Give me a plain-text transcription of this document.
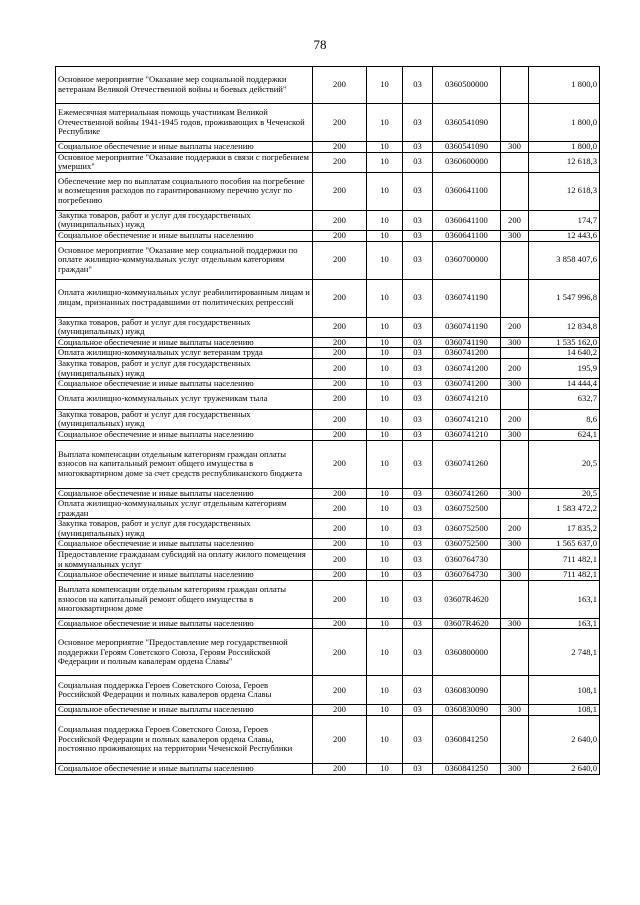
78
Основное мероприятие "Оказание мер социальной поддержки ветеранам Великой Отечественной войны и боевых действий"	200	10	03	0360500000		1 800,0
Ежемесячная материальная помощь участникам Великой Отечественной войны 1941-1945 годов, проживающих в Чеченской Республике	200	10	03	0360541090		1 800,0
Социальное обеспечение и иные выплаты населению	200	10	03	0360541090	300	1 800,0
Основное мероприятие "Оказание поддержки в связи с погребением умерших"	200	10	03	0360600000		12 618,3
Обеспечение мер по выплатам социального пособия на погребение и возмещения расходов по гарантированному перечню услуг по погребению	200	10	03	0360641100		12 618,3
Закупка товаров, работ и услуг для государственных (муниципальных) нужд	200	10	03	0360641100	200	174,7
Социальное обеспечение и иные выплаты населению	200	10	03	0360641100	300	12 443,6
Основное мероприятие "Оказание мер социальной поддержки по оплате жилищно-коммунальных услуг отдельным категориям граждан"	200	10	03	0360700000		3 858 407,6
Оплата жилищно-коммунальных услуг реабилитированным лицам и лицам, признанных пострадавшими от политических репрессий	200	10	03	0360741190		1 547 996,8
Закупка товаров, работ и услуг для государственных (муниципальных) нужд	200	10	03	0360741190	200	12 834,8
Социальное обеспечение и иные выплаты населению	200	10	03	0360741190	300	1 535 162,0
Оплата жилищно-коммунальных услуг ветеранам труда	200	10	03	0360741200		14 640,2
Закупка товаров, работ и услуг для государственных (муниципальных) нужд	200	10	03	0360741200	200	195,9
Социальное обеспечение и иные выплаты населению	200	10	03	0360741200	300	14 444,4
Оплата жилищно-коммунальных услуг труженикам тыла	200	10	03	0360741210		632,7
Закупка товаров, работ и услуг для государственных (муниципальных) нужд	200	10	03	0360741210	200	8,6
Социальное обеспечение и иные выплаты населению	200	10	03	0360741210	300	624,1
Выплата компенсации отдельным категориям граждан оплаты взносов на капитальный ремонт общего имущества в многоквартирном доме за счет средств республиканского бюджета	200	10	03	0360741260		20,5
Социальное обеспечение и иные выплаты населению	200	10	03	0360741260	300	20,5
Оплата жилищно-коммунальных услуг отдельным категориям граждан	200	10	03	0360752500		1 583 472,2
Закупка товаров, работ и услуг для государственных (муниципальных) нужд	200	10	03	0360752500	200	17 835,2
Социальное обеспечение и иные выплаты населению	200	10	03	0360752500	300	1 565 637,0
Предоставление гражданам субсидий на оплату жилого помещения и коммунальных услуг	200	10	03	0360764730		711 482,1
Социальное обеспечение и иные выплаты населению	200	10	03	0360764730	300	711 482,1
Выплата компенсации отдельным категориям граждан оплаты взносов на капитальный ремонт общего имущества в многоквартирном доме	200	10	03	03607R4620		163,1
Социальное обеспечение и иные выплаты населению	200	10	03	03607R4620	300	163,1
Основное мероприятие "Предоставление мер государственной поддержки Героям Советского Союза, Героям Российской Федерации и полным кавалерам ордена Славы"	200	10	03	0360800000		2 748,1
Социальная поддержка Героев Советского Союза, Героев Российской Федерации и полных кавалеров ордена Славы	200	10	03	0360830090		108,1
Социальное обеспечение и иные выплаты населению	200	10	03	0360830090	300	108,1
Социальная поддержка Героев Советского Союза, Героев Российской Федерации и полных кавалеров ордена Славы, постоянно проживающих на территории Чеченской Республики	200	10	03	0360841250		2 640,0
Социальное обеспечение и иные выплаты населению	200	10	03	0360841250	300	2 640,0
